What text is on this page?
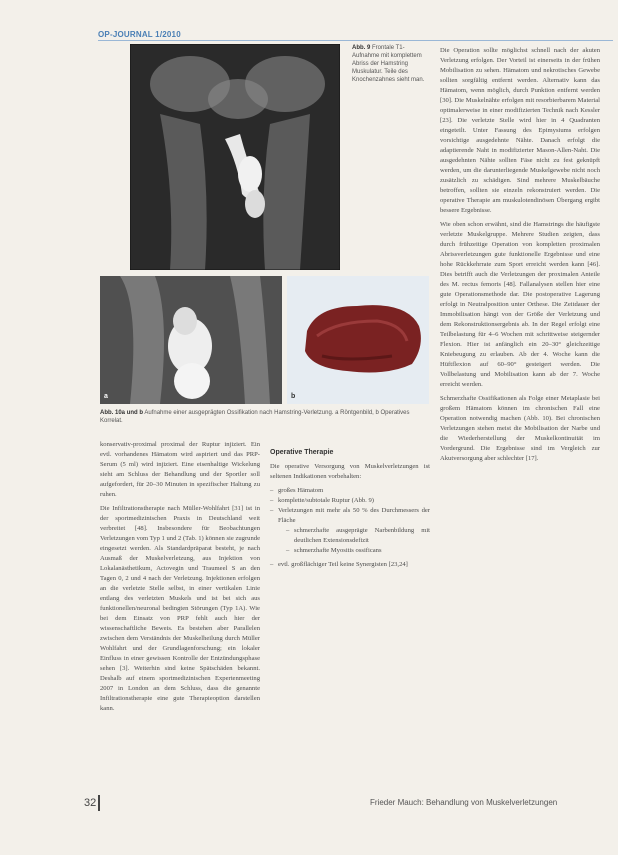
OP-JOURNAL 1/2010
Abb. 9 Frontale T1-Aufnahme mit komplettem Abriss der Hamstring Muskulatur. Teile des Knochenzahnes sieht man.
a	b
Abb. 10a und b Aufnahme einer ausgeprägten Ossifikation nach Hamstring-Verletzung. a Röntgenbild, b Operatives Korrelat.

konservativ-proximal proximal der Ruptur injiziert. Ein evtl. vorhandenes Hämatom wird aspiriert und das PRP-Serum (5 ml) wird injiziert. Eine eisenhaltige Wickelung sieht am Schluss der Behandlung und der Sportler soll aufgefordert, für 20–30 Minuten in spezifischer Haltung zu ruhen.

Die Infiltrationstherapie nach Müller-Wohlfahrt [31] ist in der sportmedizinischen Praxis in Deutschland weit verbreitet [48]. Insbesondere für Beobachtungen Verletzungen vom Typ 1 und 2 (Tab. 1) können sie zugrunde eingesetzt werden. Als Standardpräparat besteht, je nach Ausmaß der Muskelverletzung, aus Injektion von Lokalanästhetikum, Actovegin und Traumeel S an den Tagen 0, 2 und 4 nach der Verletzung. Injektionen erfolgen an die verletzte Stelle selbst, in einer vertikalen Linie entlang des verletzten Muskels und ist bei sich aus funktionellen/neuronal bedingten Störungen (Typ 1A). Wie bei dem Einsatz von PRP fehlt auch hier der wissenschaftliche Beweis. Es bestehen aber Parallelen zwischen dem Verständnis der Muskelheilung durch Müller Wohlfahrt und der Grundlagenforschung; ein lokaler Einfluss in einer gewissen Kontrolle der Entzündungsphase sehen [3]. Weiterhin sind keine Spätschäden bekannt. Deshalb auf einem sportmedizinischen Expertenmeeting 2007 in London an dem Schluss, dass die genannte Infiltrationstherapie eine gute Therapieoption darstellen kann.

Operative Therapie

Die operative Versorgung von Muskelverletzungen ist seltenen Indikationen vorbehalten:

– großes Hämatom
– komplette/subtotale Ruptur (Abb. 9)
– Verletzungen mit mehr als 50 % des Durchmessers der Fläche
– schmerzhafte ausgeprägte Narbenbildung mit deutlichen Extensionsdefizit
– schmerzhafte Myositis ossificans
– evtl. großflächiger Teil keine Synergisten [23,24]

Die Operation sollte möglichst schnell nach der akuten Verletzung erfolgen. Der Vorteil ist einerseits in der frühen Mobilisation zu sehen. Hämatom und nekrotisches Gewebe sollten sorgfältig entfernt werden. Alternativ kann das Hämatom, wenn möglich, durch Punktion entfernt werden [30]. Die Muskelnähte erfolgen mit resorbierbarem Material optimalerweise in einer modifizierten Technik nach Kessler [23]. Die verletzte Stelle wird hier in 4 Quadranten eingeteilt. Unter Fassung des Epimysiums erfolgen vorsichtige ausgedehnte Nähte. Danach erfolgt die adaptierende Naht in modifizierter Mason-Allen-Naht. Die ausgedehnten Nähte sollten Fäse nicht zu fest geknüpft werden, um die darunterliegende Muskelgewebe nicht noch zusätzlich zu schädigen. Sind mehrere Muskelbäuche betroffen, sollten sie einzeln rekonstruiert werden. Die operative Therapie am muskulotendinösen Übergang ergibt bessere Ergebnisse.

Wie oben schon erwähnt, sind die Hamstrings die häufigste verletzte Muskelgruppe. Mehrere Studien zeigten, dass durch frühzeitige Operation von kompletten proximalen Abrissverletzungen gute funktionelle Ergebnisse und eine hohe Rückkehrrate zum Sport erreicht werden kann [46]. Dies betrifft auch die Verletzungen der proximalen Anteile des M. rectus femoris [48]. Fallanalysen stellen hier eine gute Operationsmethode dar. Die postoperative Lagerung erfolgt in Neutralposition unter Orthese. Die Zeitdauer der Immobilisation hängt von der Größe der Verletzung und dem Rekonstruktionsergebnis ab. In der Regel erfolgt eine Teilbelastung für 4–6 Wochen mit schrittweise steigernder Flexion. Hier ist anfänglich ein 20–30° gleichzeitige Kniebeugung zu erlauben. Ab der 4. Woche kann die Hüftflexion auf 60–90° gesteigert werden. Die Vollbelastung und Mobilisation kann ab der 7. Woche erreicht werden.

Schmerzhafte Ossifikationen als Folge einer Metaplasie bei großem Hämatom können im chronischen Fall eine Operation notwendig machen (Abb. 10). Bei chronischen Verletzungen stehen meist die Mobilisation der Narbe und die Wiederherstellung der Muskelkontinuität im Vordergrund. Die Ergebnisse sind im Vergleich zur Akutversorgung aber schlechter [17].

32	Frieder Mauch: Behandlung von Muskelverletzungen
